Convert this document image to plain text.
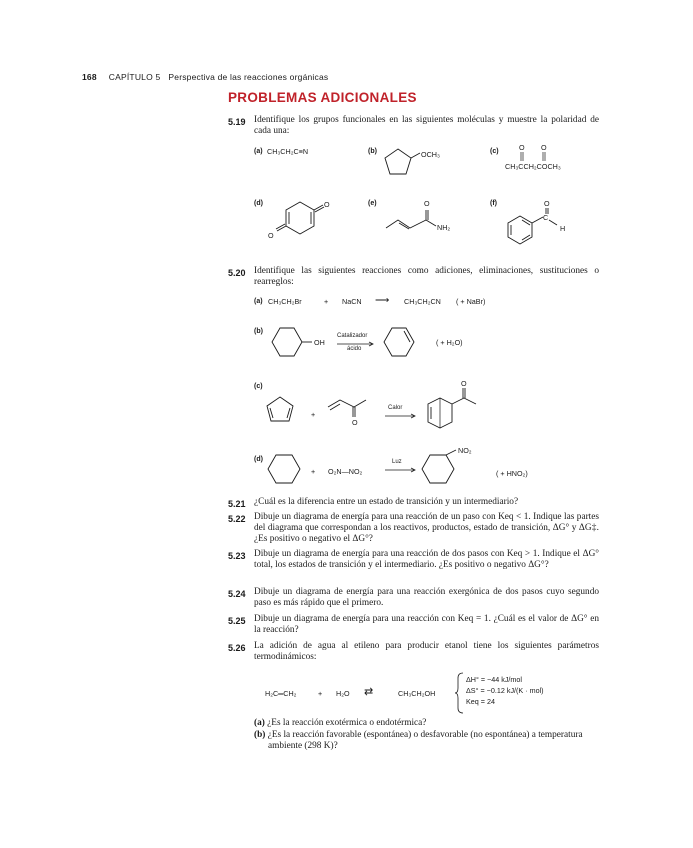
168 CAPÍTULO 5 Perspectiva de las reacciones orgánicas
PROBLEMAS ADICIONALES
5.19 Identifique los grupos funcionales en las siguientes moléculas y muestre la polaridad de cada una:
(a) CH₃CH₂C≡N	(b)	OCH₃	(c)	O O
CH₃CCH₂COCH₃
(d)	O
O
(e)	O
NH₂
(f)	O
C
H
5.20 Identifique las siguientes reacciones como adiciones, eliminaciones, sustituciones o rearreglos:
(a) CH₃CH₂Br	+ NaCN ⟶ CH₃CH₂CN ( + NaBr)
(b)
OH
Catalizador
ácido
( + H₂O)
(c)
+
O
Calor
O
(d)
+ O₂N—NO₂
Luz
NO₂
( + HNO₂)
5.21 ¿Cuál es la diferencia entre un estado de transición y un intermediario?
5.22 Dibuje un diagrama de energía para una reacción de un paso con Keq < 1. Indique las partes del diagrama que correspondan a los reactivos, productos, estado de transición, ΔG° y ΔG‡. ¿Es positivo o negativo el ΔG°?
5.23 Dibuje un diagrama de energía para una reacción de dos pasos con Keq > 1. Indique el ΔG° total, los estados de transición y el intermediario. ¿Es positivo o negativo ΔG°?
5.24 Dibuje un diagrama de energía para una reacción exergónica de dos pasos cuyo segundo paso es más rápido que el primero.
5.25 Dibuje un diagrama de energía para una reacción con Keq = 1. ¿Cuál es el valor de ΔG° en la reacción?
5.26 La adición de agua al etileno para producir etanol tiene los siguientes parámetros termodinámicos:
H₂C═CH₂	+ H₂O ⇄	CH₃CH₂OH
ΔH° = −44 kJ/mol
ΔS° = −0.12 kJ/(K · mol)
Keq = 24
(a) ¿Es la reacción exotérmica o endotérmica?
(b) ¿Es la reacción favorable (espontánea) o desfavorable (no espontánea) a temperatura ambiente (298 K)?
